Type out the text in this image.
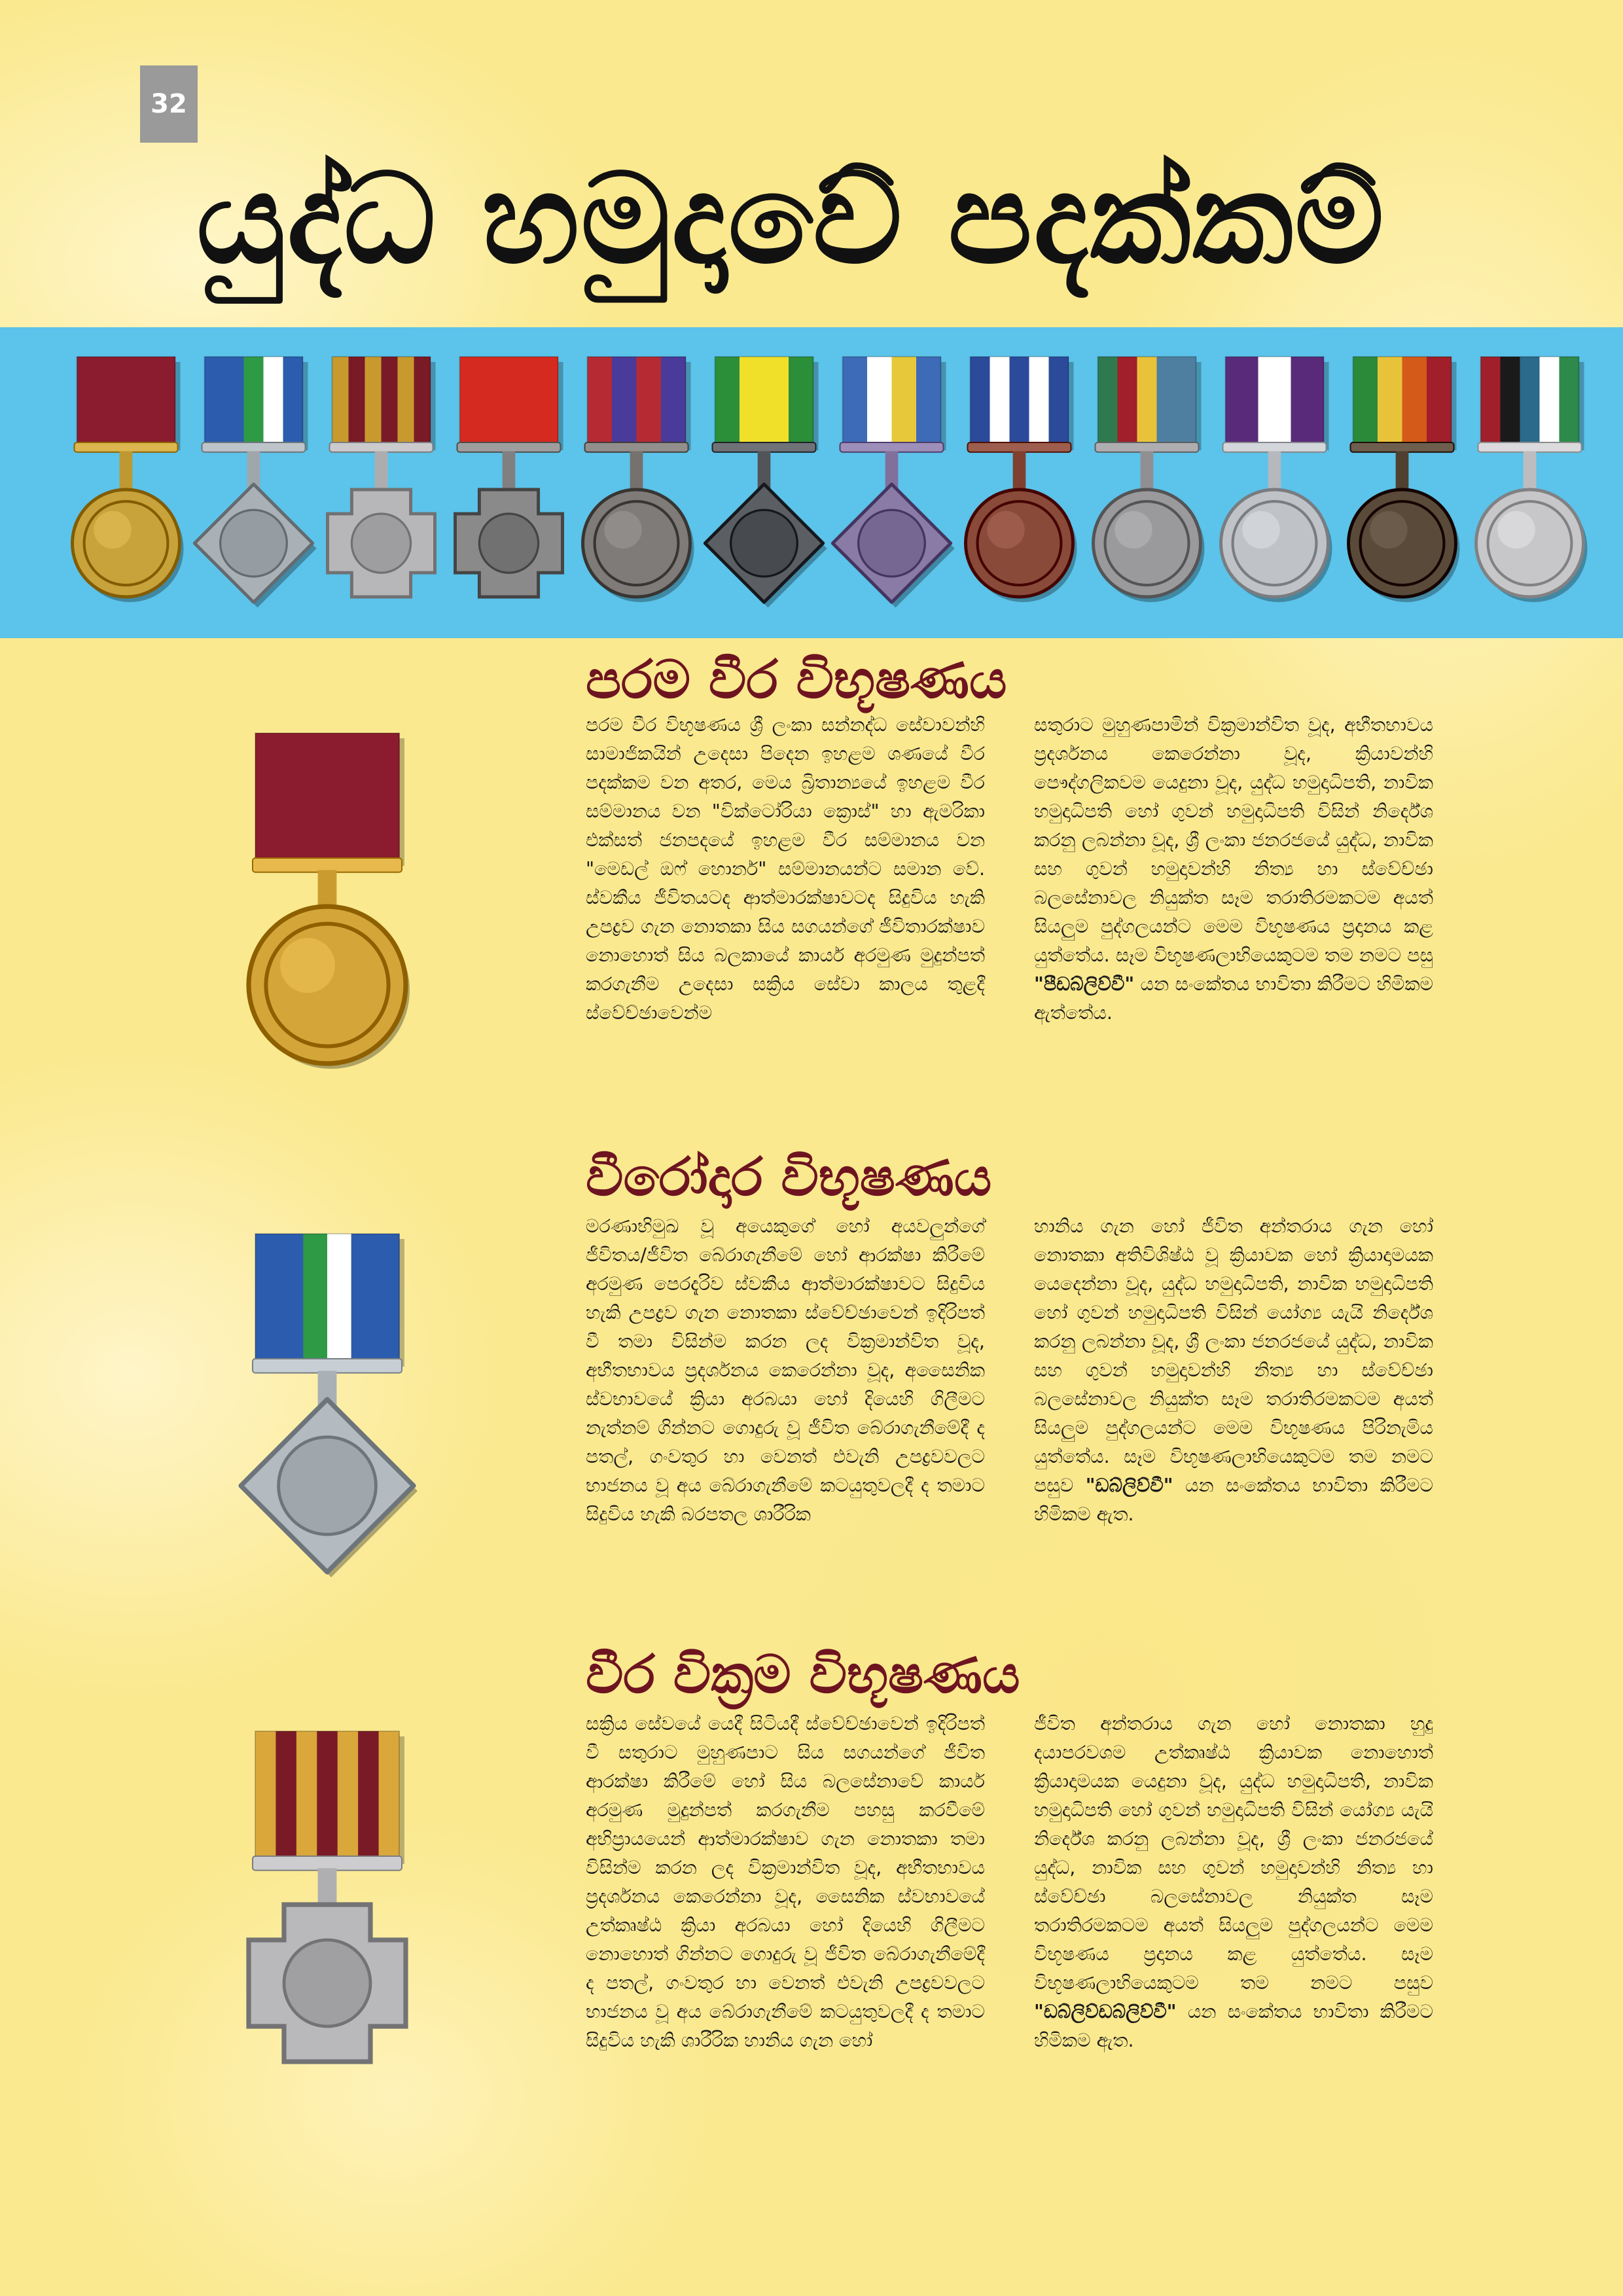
32
යුද්ධ හමුදාවේ පදක්කම්
පරම වීර විභූෂණය
පරම වීර විභූෂණය ශ්‍රී ලංකා සන්නද්ධ සේවාවන්හි සාමාජිකයින් උදෙසා පිදෙන ඉහළම ශණයේ වීර පදක්කම වන අතර, මෙය බ්‍රිතාන්‍යයේ ඉහළම වීර සම්මානය වන "වික්ටෝරියා ක්‍රොස්" හා ඇමරිකා එක්සත් ජනපදයේ ඉහළම වීර සම්මානය වන "මෙඩල් ඔෆ් හොනර්" සම්මානයන්ට සමාන වේ. ස්වකීය ජීවිතයටද ආත්මාරක්ෂාවටද සිදුවිය හැකි උපද්‍රව ගැන නොතකා සිය සගයන්ගේ ජීවිතාරක්ෂාව නොහොත් සිය බලකායේ කාර්ය අරමුණ මුදුන්පත් කරගැනීම උදෙසා සක්‍රිය සේවා කාලය තුළදී ස්වේච්ඡාවෙන්ම
සතුරාට මුහුණපාමින් වික්‍රමාන්විත වූද, අභීතභාවය ප්‍රදර්ශනය කෙරෙන්නා වූද, ක්‍රියාවන්හි පෞද්ගලිකවම යෙදුනා වූද, යුද්ධ හමුදාධිපති, නාවික හමුදාධිපති හෝ ගුවන් හමුදාධිපති විසින් නිර්දේශ කරනු ලබන්නා වූද, ශ්‍රී ලංකා ජනරජයේ යුද්ධ, නාවික සහ ගුවන් හමුදාවන්හි නිත්‍ය හා ස්වේච්ඡා බලසේනාවල නියුක්ත සෑම තරාතිරමකටම අයත් සියලුම පුද්ගලයන්ට මෙම විභූෂණය ප්‍රදානය කළ යුත්තේය. සෑම විභූෂණලාභියෙකුටම තම නමට පසු "පීඩබ්ලිව්වී" යන සංකේතය භාවිතා කිරීමට හිමිකම ඇත්තේය.
වීරෝදාර විභූෂණය
මරණාභිමුඛ වූ අයෙකුගේ හෝ අයවලුන්ගේ ජීවිතය/ජීවිත බේරාගැනීමේ හෝ ආරක්ෂා කිරීමේ අරමුණ පෙරදැරිව ස්වකීය ආත්මාරක්ෂාවට සිදුවිය හැකි උපද්‍රව ගැන නොතකා ස්වේච්ඡාවෙන් ඉදිරිපත් වී තමා විසින්ම කරන ලද වික්‍රමාන්විත වූද, අභීතභාවය ප්‍රදර්ශනය කෙරෙන්නා වූද, අසෛනික ස්වභාවයේ ක්‍රියා අරබයා හෝ දියෙහි ගිලීමට නැත්නම් ගින්නට ගොදුරු වූ ජීවිත බේරාගැනීමේදී ද පතල්, ගංවතුර හා වෙනත් එවැනි උපද්‍රවවලට භාජනය වූ අය බේරාගැනීමේ කටයුතුවලදී ද තමාට සිදුවිය හැකි බරපතල ශාරීරික
හානිය ගැන හෝ ජීවිත අන්තරාය ගැන හෝ නොතකා අතිවිශිෂ්ඨ වූ ක්‍රියාවක හෝ ක්‍රියාදාමයක යෙදෙන්නා වූද, යුද්ධ හමුදාධිපති, නාවික හමුදාධිපති හෝ ගුවන් හමුදාධිපති විසින් යෝග්‍ය යැයි නිර්දේශ කරනු ලබන්නා වූද, ශ්‍රී ලංකා ජනරජයේ යුද්ධ, නාවික සහ ගුවන් හමුදාවන්හි නිත්‍ය හා ස්වේච්ඡා බලසේනාවල නියුක්ත සෑම තරාතිරමකටම අයත් සියලුම පුද්ගලයන්ට මෙම විභූෂණය පිරිනැමිය යුත්තේය. සෑම විභූෂණලාභියෙකුටම තම නමට පසුව "ඩබ්ලිව්වී" යන සංකේතය භාවිතා කිරීමට හිමිකම ඇත.
වීර වික්‍රම විභූෂණය
සක්‍රිය සේවයේ යෙදී සිටියදී ස්වේච්ඡාවෙන් ඉදිරිපත් වී සතුරාට මුහුණපාට සිය සගයන්ගේ ජීවිත ආරක්ෂා කිරීමේ හෝ සිය බලසේනාවේ කාර්ය අරමුණ මුදුන්පත් කරගැනීම පහසු කරවීමේ අභිප්‍රායයෙන් ආත්මාරක්ෂාව ගැන නොතකා තමා විසින්ම කරන ලද වික්‍රමාන්විත වූද, අභීතභාවය ප්‍රදර්ශනය කෙරෙන්නා වූද, සෛනික ස්වභාවයේ උත්කෘෂ්ඨ ක්‍රියා අරබයා හෝ දියෙහි ගිලීමට නොහොත් ගින්නට ගොදුරු වූ ජීවිත බේරාගැනීමේදී ද පතල්, ගංවතුර හා වෙනත් එවැනි උපද්‍රවවලට භාජනය වූ අය බේරාගැනීමේ කටයුතුවලදී ද තමාට සිදුවිය හැකි ශාරීරික හානිය ගැන හෝ
ජීවිත අන්තරාය ගැන හෝ නොතකා හුදු දයාපරවශම උත්කෘෂ්ඨ ක්‍රියාවක නොහොත් ක්‍රියාදාමයක යෙදුනා වූද, යුද්ධ හමුදාධිපති, නාවික හමුදාධිපති හෝ ගුවන් හමුදාධිපති විසින් යෝග්‍ය යැයි නිර්දේශ කරනු ලබන්නා වූද, ශ්‍රී ලංකා ජනරජයේ යුද්ධ, නාවික සහ ගුවන් හමුදාවන්හි නිත්‍ය හා ස්වේච්ඡා බලසේනාවල නියුක්ත සෑම තරාතිරමකටම අයත් සියලුම පුද්ගලයන්ට මෙම විභූෂණය ප්‍රදානය කළ යුත්තේය. සෑම විභූෂණලාභියෙකුටම තම නමට පසුව "ඩබ්ලිව්ඩබ්ලිව්වී" යන සංකේතය භාවිතා කිරීමට හිමිකම ඇත.
